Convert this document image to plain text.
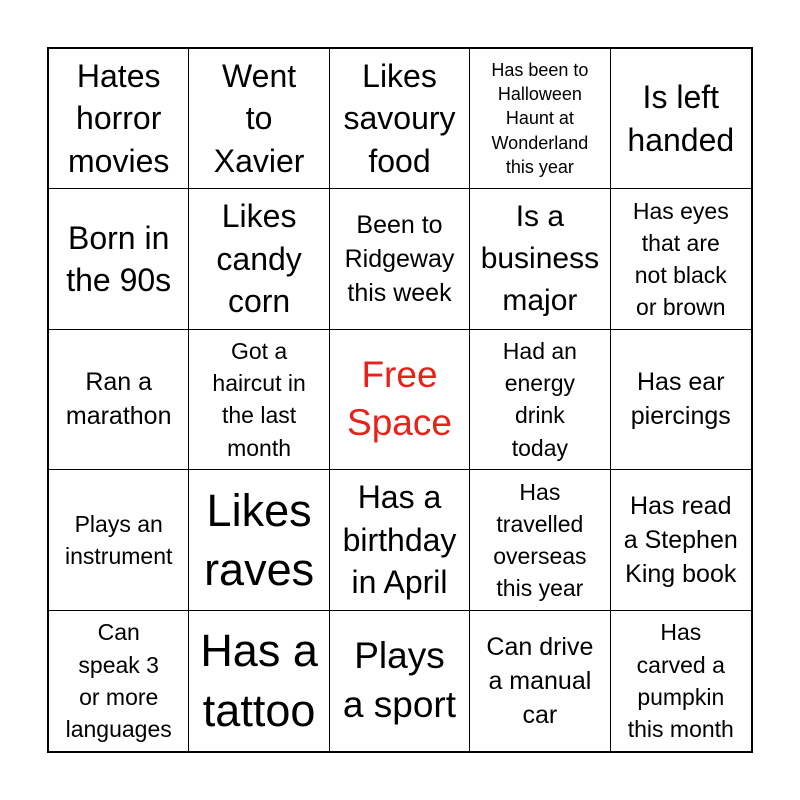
Hates
horror
movies
Went
to
Xavier
Likes
savoury
food
Has been to
Halloween
Haunt at
Wonderland
this year
Is left
handed
Born in
the 90s
Likes
candy
corn
Been to
Ridgeway
this week
Is a
business
major
Has eyes
that are
not black
or brown
Ran a
marathon
Got a
haircut in
the last
month
Free
Space
Had an
energy
drink
today
Has ear
piercings
Plays an
instrument
Likes
raves
Has a
birthday
in April
Has
travelled
overseas
this year
Has read
a Stephen
King book
Can
speak 3
or more
languages
Has a
tattoo
Plays
a sport
Can drive
a manual
car
Has
carved a
pumpkin
this month
